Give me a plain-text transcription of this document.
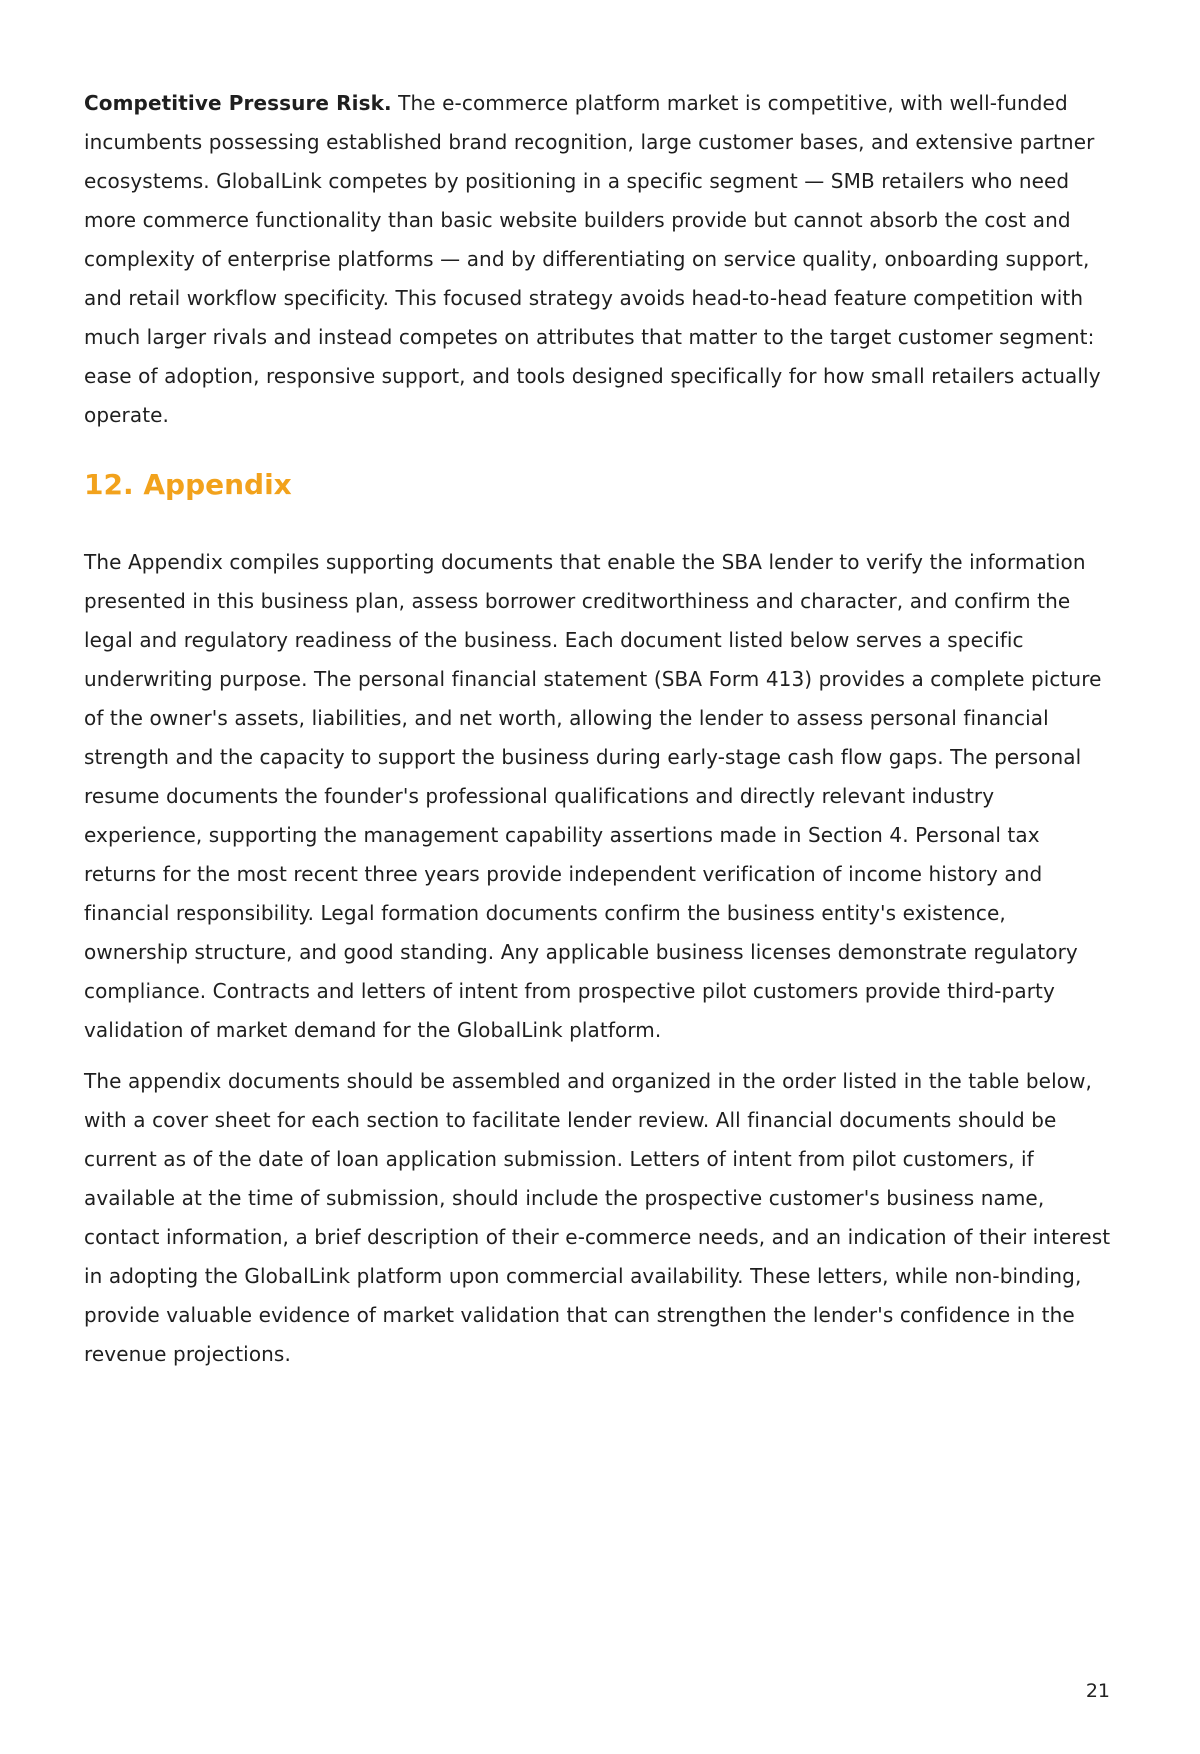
Competitive Pressure Risk. The e-commerce platform market is competitive, with well-funded incumbents possessing established brand recognition, large customer bases, and extensive partner ecosystems. GlobalLink competes by positioning in a specific segment — SMB retailers who need more commerce functionality than basic website builders provide but cannot absorb the cost and complexity of enterprise platforms — and by differentiating on service quality, onboarding support, and retail workflow specificity. This focused strategy avoids head-to-head feature competition with much larger rivals and instead competes on attributes that matter to the target customer segment: ease of adoption, responsive support, and tools designed specifically for how small retailers actually operate.

12. Appendix

The Appendix compiles supporting documents that enable the SBA lender to verify the information presented in this business plan, assess borrower creditworthiness and character, and confirm the legal and regulatory readiness of the business. Each document listed below serves a specific underwriting purpose. The personal financial statement (SBA Form 413) provides a complete picture of the owner's assets, liabilities, and net worth, allowing the lender to assess personal financial strength and the capacity to support the business during early-stage cash flow gaps. The personal resume documents the founder's professional qualifications and directly relevant industry experience, supporting the management capability assertions made in Section 4. Personal tax returns for the most recent three years provide independent verification of income history and financial responsibility. Legal formation documents confirm the business entity's existence, ownership structure, and good standing. Any applicable business licenses demonstrate regulatory compliance. Contracts and letters of intent from prospective pilot customers provide third-party validation of market demand for the GlobalLink platform.

The appendix documents should be assembled and organized in the order listed in the table below, with a cover sheet for each section to facilitate lender review. All financial documents should be current as of the date of loan application submission. Letters of intent from pilot customers, if available at the time of submission, should include the prospective customer's business name, contact information, a brief description of their e-commerce needs, and an indication of their interest in adopting the GlobalLink platform upon commercial availability. These letters, while non-binding, provide valuable evidence of market validation that can strengthen the lender's confidence in the revenue projections.

21
